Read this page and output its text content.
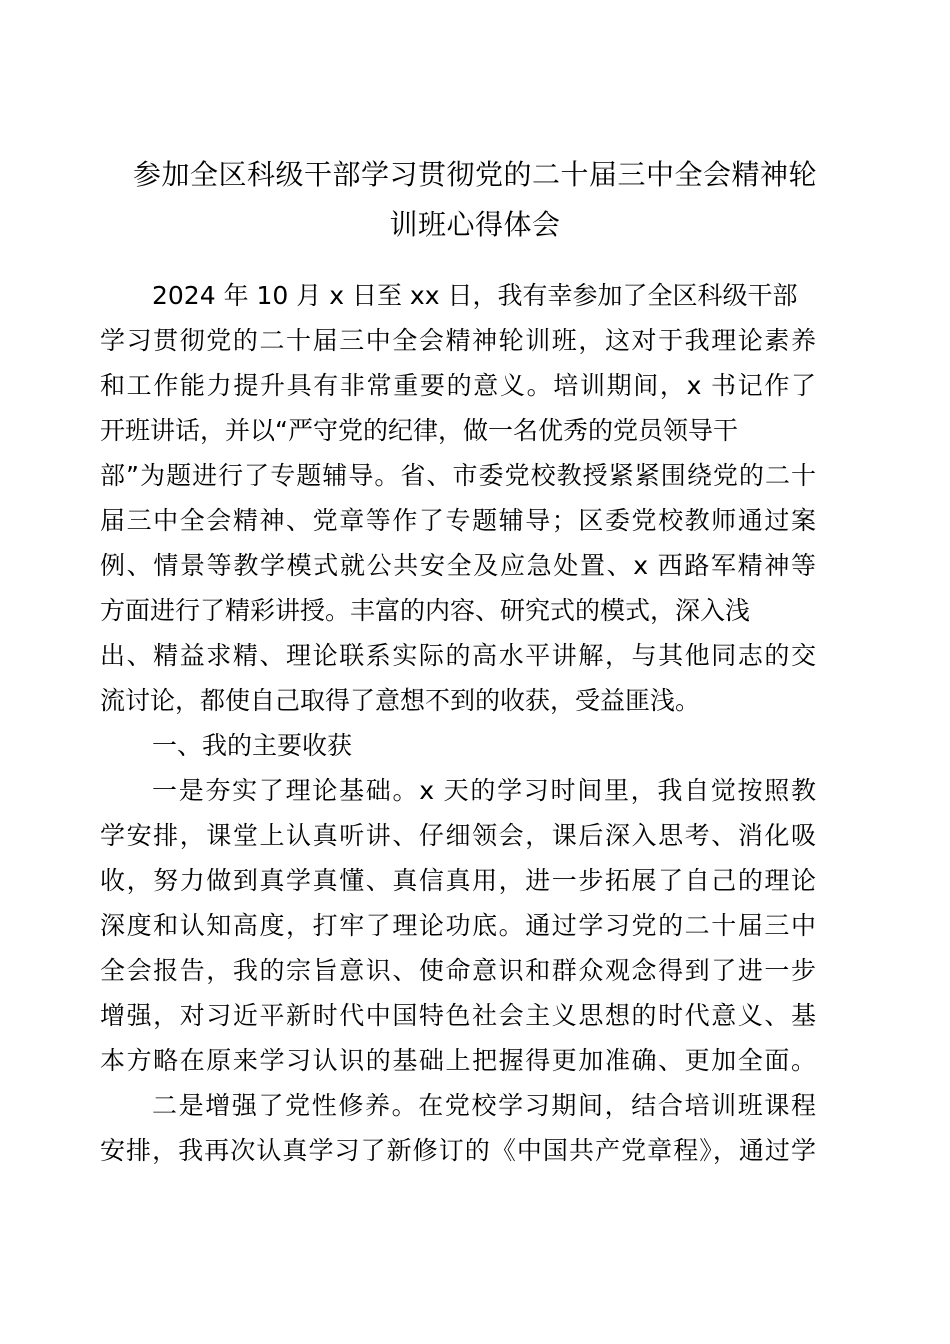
参加全区科级干部学习贯彻党的二十届三中全会精神轮
训班心得体会

2024 年 10 月 x 日至 xx 日，我有幸参加了全区科级干部

学习贯彻党的二十届三中全会精神轮训班，这对于我理论素养

和工作能力提升具有非常重要的意义。培训期间，x 书记作了

开班讲话，并以“严守党的纪律，做一名优秀的党员领导干

部”为题进行了专题辅导。省、市委党校教授紧紧围绕党的二十

届三中全会精神、党章等作了专题辅导；区委党校教师通过案

例、情景等教学模式就公共安全及应急处置、x 西路军精神等

方面进行了精彩讲授。丰富的内容、研究式的模式，深入浅

出、精益求精、理论联系实际的高水平讲解，与其他同志的交

流讨论，都使自己取得了意想不到的收获，受益匪浅。

一、我的主要收获

一是夯实了理论基础。x 天的学习时间里，我自觉按照教

学安排，课堂上认真听讲、仔细领会，课后深入思考、消化吸

收，努力做到真学真懂、真信真用，进一步拓展了自己的理论

深度和认知高度，打牢了理论功底。通过学习党的二十届三中

全会报告，我的宗旨意识、使命意识和群众观念得到了进一步

增强，对习近平新时代中国特色社会主义思想的时代意义、基

本方略在原来学习认识的基础上把握得更加准确、更加全面。

二是增强了党性修养。在党校学习期间，结合培训班课程

安排，我再次认真学习了新修订的《中国共产党章程》，通过学
